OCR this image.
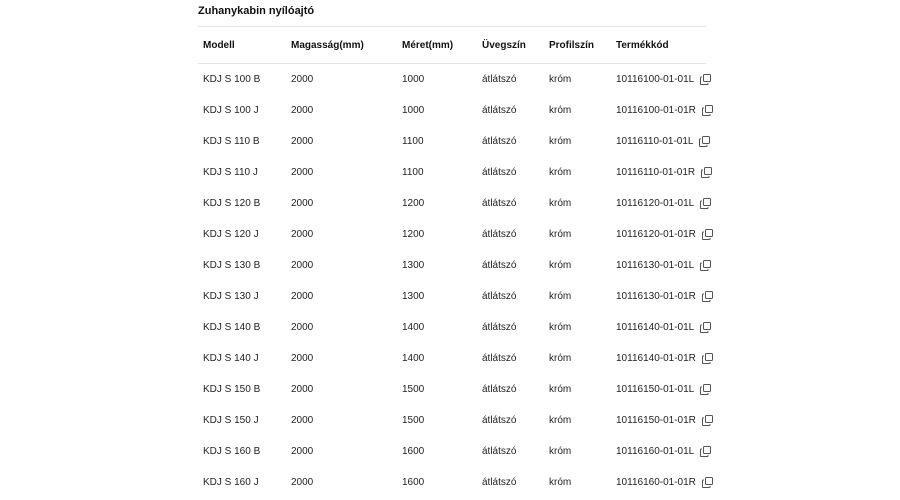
Zuhanykabin nyílóajtó
Modell	Magasság(mm)	Méret(mm)	Üvegszín	Profilszín	Termékkód
KDJ S 100 B	2000	1000	átlátszó	króm	10116100-01-01L

KDJ S 100 J	2000	1000	átlátszó	króm	10116100-01-01R

KDJ S 110 B	2000	1100	átlátszó	króm	10116110-01-01L

KDJ S 110 J	2000	1100	átlátszó	króm	10116110-01-01R

KDJ S 120 B	2000	1200	átlátszó	króm	10116120-01-01L

KDJ S 120 J	2000	1200	átlátszó	króm	10116120-01-01R

KDJ S 130 B	2000	1300	átlátszó	króm	10116130-01-01L

KDJ S 130 J	2000	1300	átlátszó	króm	10116130-01-01R

KDJ S 140 B	2000	1400	átlátszó	króm	10116140-01-01L

KDJ S 140 J	2000	1400	átlátszó	króm	10116140-01-01R

KDJ S 150 B	2000	1500	átlátszó	króm	10116150-01-01L

KDJ S 150 J	2000	1500	átlátszó	króm	10116150-01-01R

KDJ S 160 B	2000	1600	átlátszó	króm	10116160-01-01L

KDJ S 160 J	2000	1600	átlátszó	króm	10116160-01-01R
